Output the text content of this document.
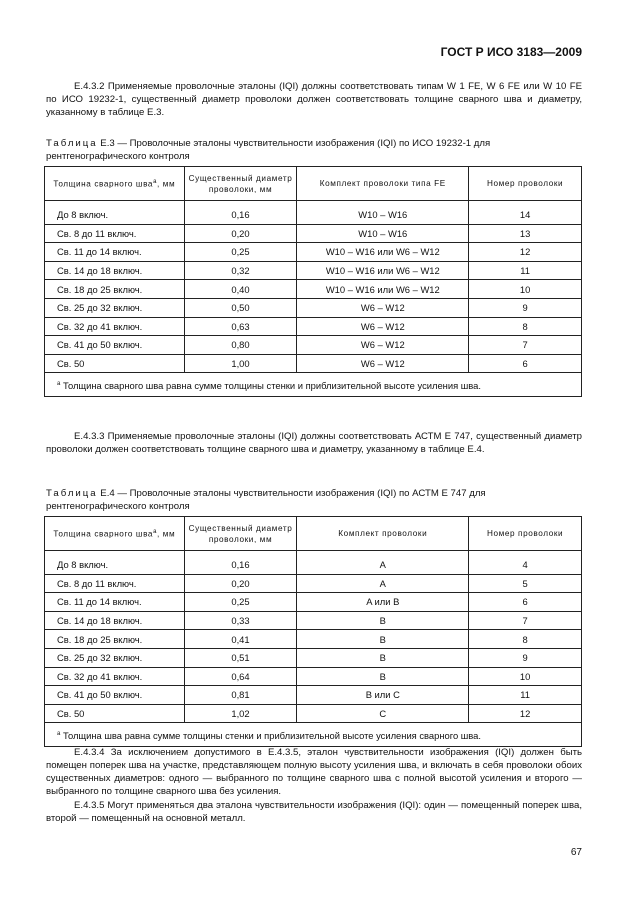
ГОСТ Р ИСО 3183—2009
E.4.3.2 Применяемые проволочные эталоны (IQI) должны соответствовать типам W 1 FE, W 6 FE или W 10 FE по ИСО 19232-1, существенный диаметр проволоки должен соответствовать толщине сварного шва и диаметру, указанному в таблице Е.3.
Таблица Е.3 — Проволочные эталоны чувствительности изображения (IQI) по ИСО 19232-1 для рентгенографического контроля
Толщина сварного шва$^a$, мм	Существенный диаметр проволоки, мм	Комплект проволоки типа FE	Номер проволоки
До 8 включ.	0,16	W10 – W16	14
Св. 8 до 11 включ.	0,20	W10 – W16	13
Св. 11 до 14 включ.	0,25	W10 – W16 или W6 – W12	12
Св. 14 до 18 включ.	0,32	W10 – W16 или W6 – W12	11
Св. 18 до 25 включ.	0,40	W10 – W16 или W6 – W12	10
Св. 25 до 32 включ.	0,50	W6 – W12	9
Св. 32 до 41 включ.	0,63	W6 – W12	8
Св. 41 до 50 включ.	0,80	W6 – W12	7
Св. 50	1,00	W6 – W12	6
$^a$ Толщина сварного шва равна сумме толщины стенки и приблизительной высоте усиления шва.			
E.4.3.3 Применяемые проволочные эталоны (IQI) должны соответствовать АСТМ Е 747, существенный диаметр проволоки должен соответствовать толщине сварного шва и диаметру, указанному в таблице Е.4.
Таблица Е.4 — Проволочные эталоны чувствительности изображения (IQI) по АСТМ Е 747 для рентгенографического контроля
Толщина сварного шва$^a$, мм	Существенный диаметр проволоки, мм	Комплект проволоки	Номер проволоки
До 8 включ.	0,16	A	4
Св. 8 до 11 включ.	0,20	A	5
Св. 11 до 14 включ.	0,25	A или B	6
Св. 14 до 18 включ.	0,33	B	7
Св. 18 до 25 включ.	0,41	B	8
Св. 25 до 32 включ.	0,51	B	9
Св. 32 до 41 включ.	0,64	B	10
Св. 41 до 50 включ.	0,81	B или C	11
Св. 50	1,02	C	12
$^a$ Толщина шва равна сумме толщины стенки и приблизительной высоте усиления сварного шва.			
E.4.3.4 За исключением допустимого в Е.4.3.5, эталон чувствительности изображения (IQI) должен быть помещен поперек шва на участке, представляющем полную высоту усиления шва, и включать в себя проволоки обоих существенных диаметров: одного — выбранного по толщине сварного шва с полной высотой усиления и второго — выбранного по толщине сварного шва без усиления.
E.4.3.5 Могут применяться два эталона чувствительности изображения (IQI): один — помещенный поперек шва, второй — помещенный на основной металл.
67
